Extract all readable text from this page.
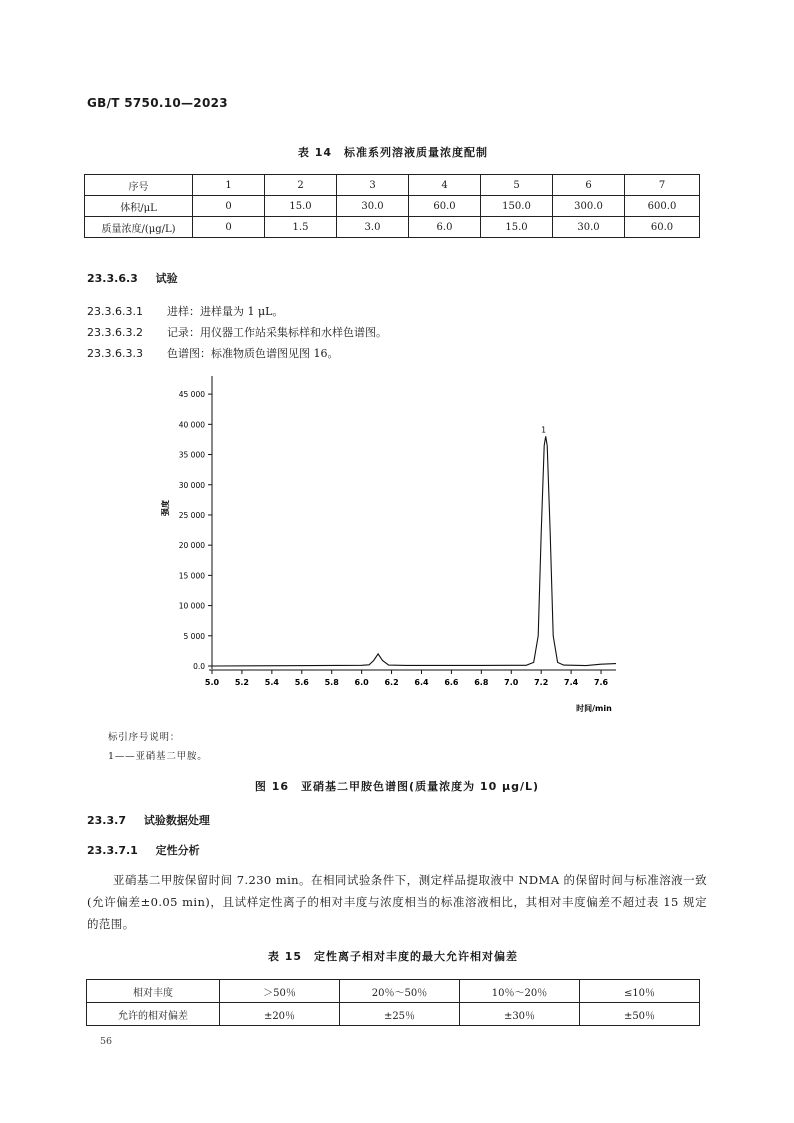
GB/T 5750.10—2023
表 14　标准系列溶液质量浓度配制
序号	1	2	3	4	5	6	7
体积/μL	0	15.0	30.0	60.0	150.0	300.0	600.0
质量浓度/(μg/L)	0	1.5	3.0	6.0	15.0	30.0	60.0
23.3.6.3 试验
23.3.6.3.1 进样：进样量为 1 μL。
23.3.6.3.2 记录：用仪器工作站采集标样和水样色谱图。
23.3.6.3.3 色谱图：标准物质色谱图见图 16。
0.0
5 000
10 000
15 000
20 000
25 000
30 000
35 000
40 000
45 000
5.0 5.2 5.4 5.6 5.8 6.0 6.2 6.4 6.6 6.8 7.0 7.2 7.4 7.6
强度
时间/min
1
标引序号说明：
1——亚硝基二甲胺。
图 16　亚硝基二甲胺色谱图(质量浓度为 10 μg/L)
23.3.7 试验数据处理
23.3.7.1 定性分析
亚硝基二甲胺保留时间 7.230 min。在相同试验条件下，测定样品提取液中 NDMA 的保留时间与标准溶液一致(允许偏差±0.05 min)，且试样定性离子的相对丰度与浓度相当的标准溶液相比，其相对丰度偏差不超过表 15 规定的范围。
表 15　定性离子相对丰度的最大允许相对偏差
相对丰度	＞50％	20％～50％	10％～20％	≤10％
允许的相对偏差	±20％	±25％	±30％	±50％
56
